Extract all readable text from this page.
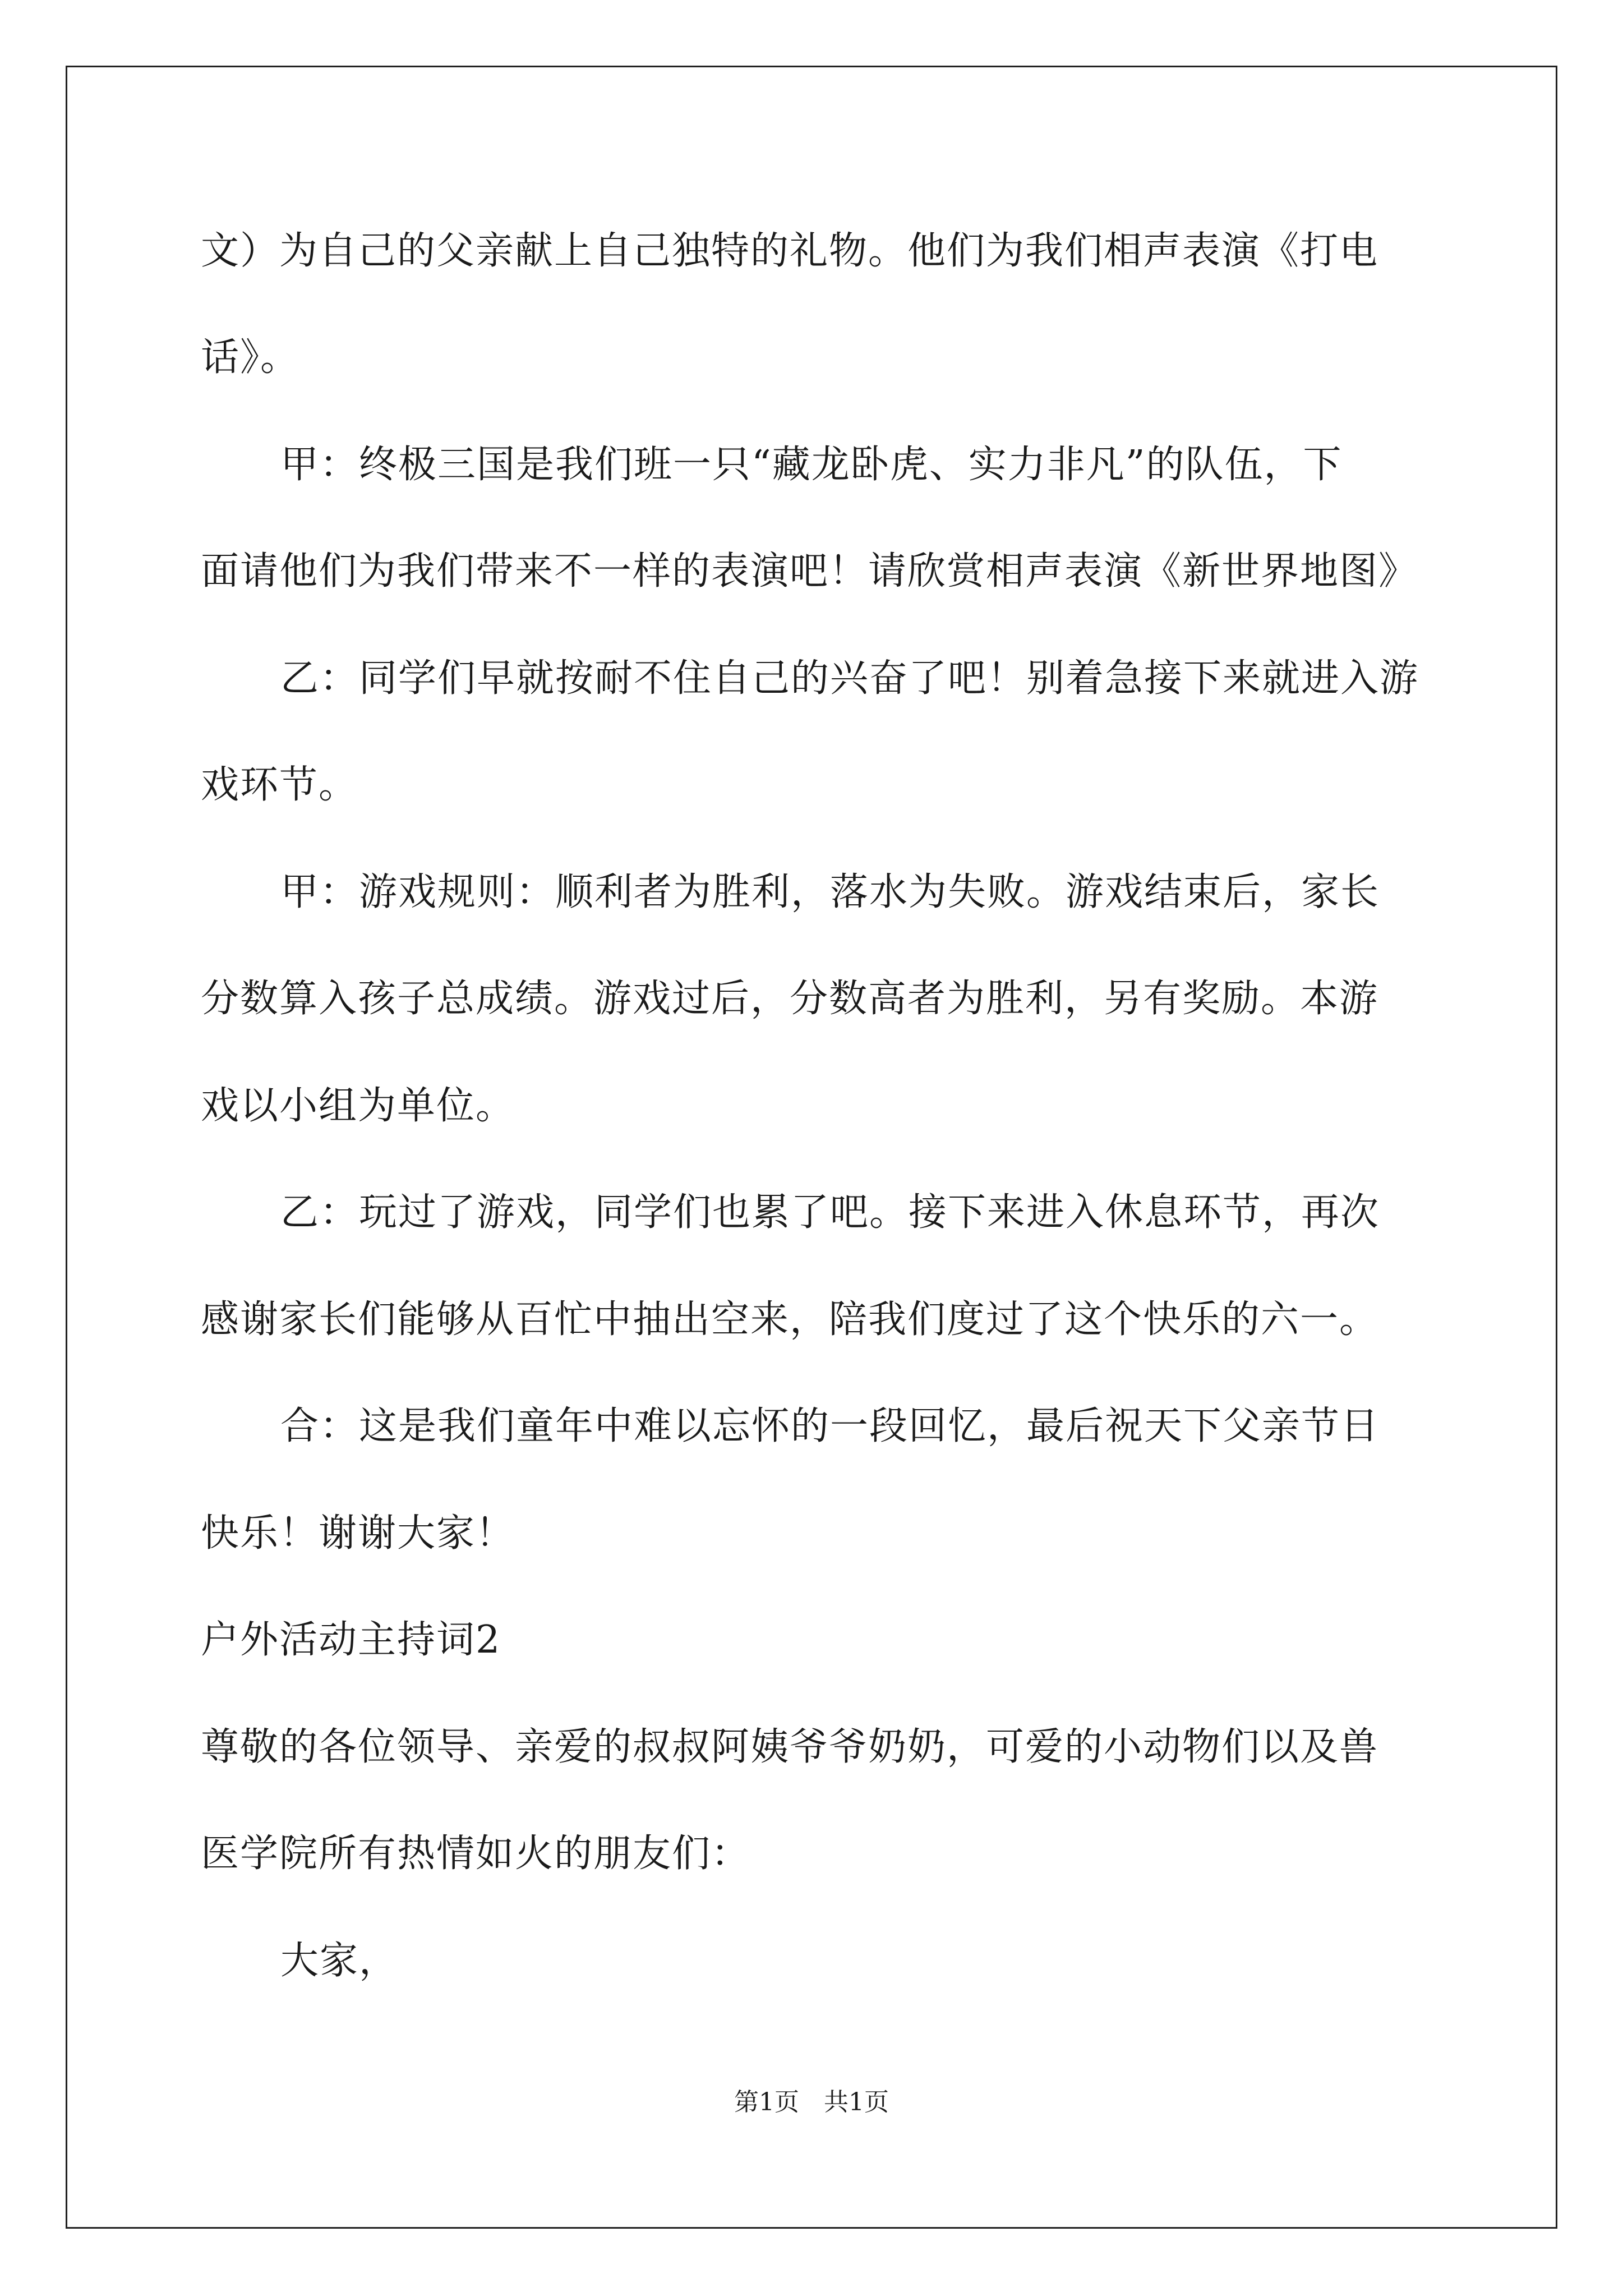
文）为自己的父亲献上自己独特的礼物。他们为我们相声表演《打电
话》。
甲：终极三国是我们班一只“藏龙卧虎、实力非凡”的队伍，下
面请他们为我们带来不一样的表演吧！请欣赏相声表演《新世界地图》
乙：同学们早就按耐不住自己的兴奋了吧！别着急接下来就进入游
戏环节。
甲：游戏规则：顺利者为胜利，落水为失败。游戏结束后，家长
分数算入孩子总成绩。游戏过后，分数高者为胜利，另有奖励。本游
戏以小组为单位。
乙：玩过了游戏，同学们也累了吧。接下来进入休息环节，再次
感谢家长们能够从百忙中抽出空来，陪我们度过了这个快乐的六一。
合：这是我们童年中难以忘怀的一段回忆，最后祝天下父亲节日
快乐！谢谢大家！
户外活动主持词2
尊敬的各位领导、亲爱的叔叔阿姨爷爷奶奶，可爱的小动物们以及兽
医学院所有热情如火的朋友们：
大家，
第1页　共1页
